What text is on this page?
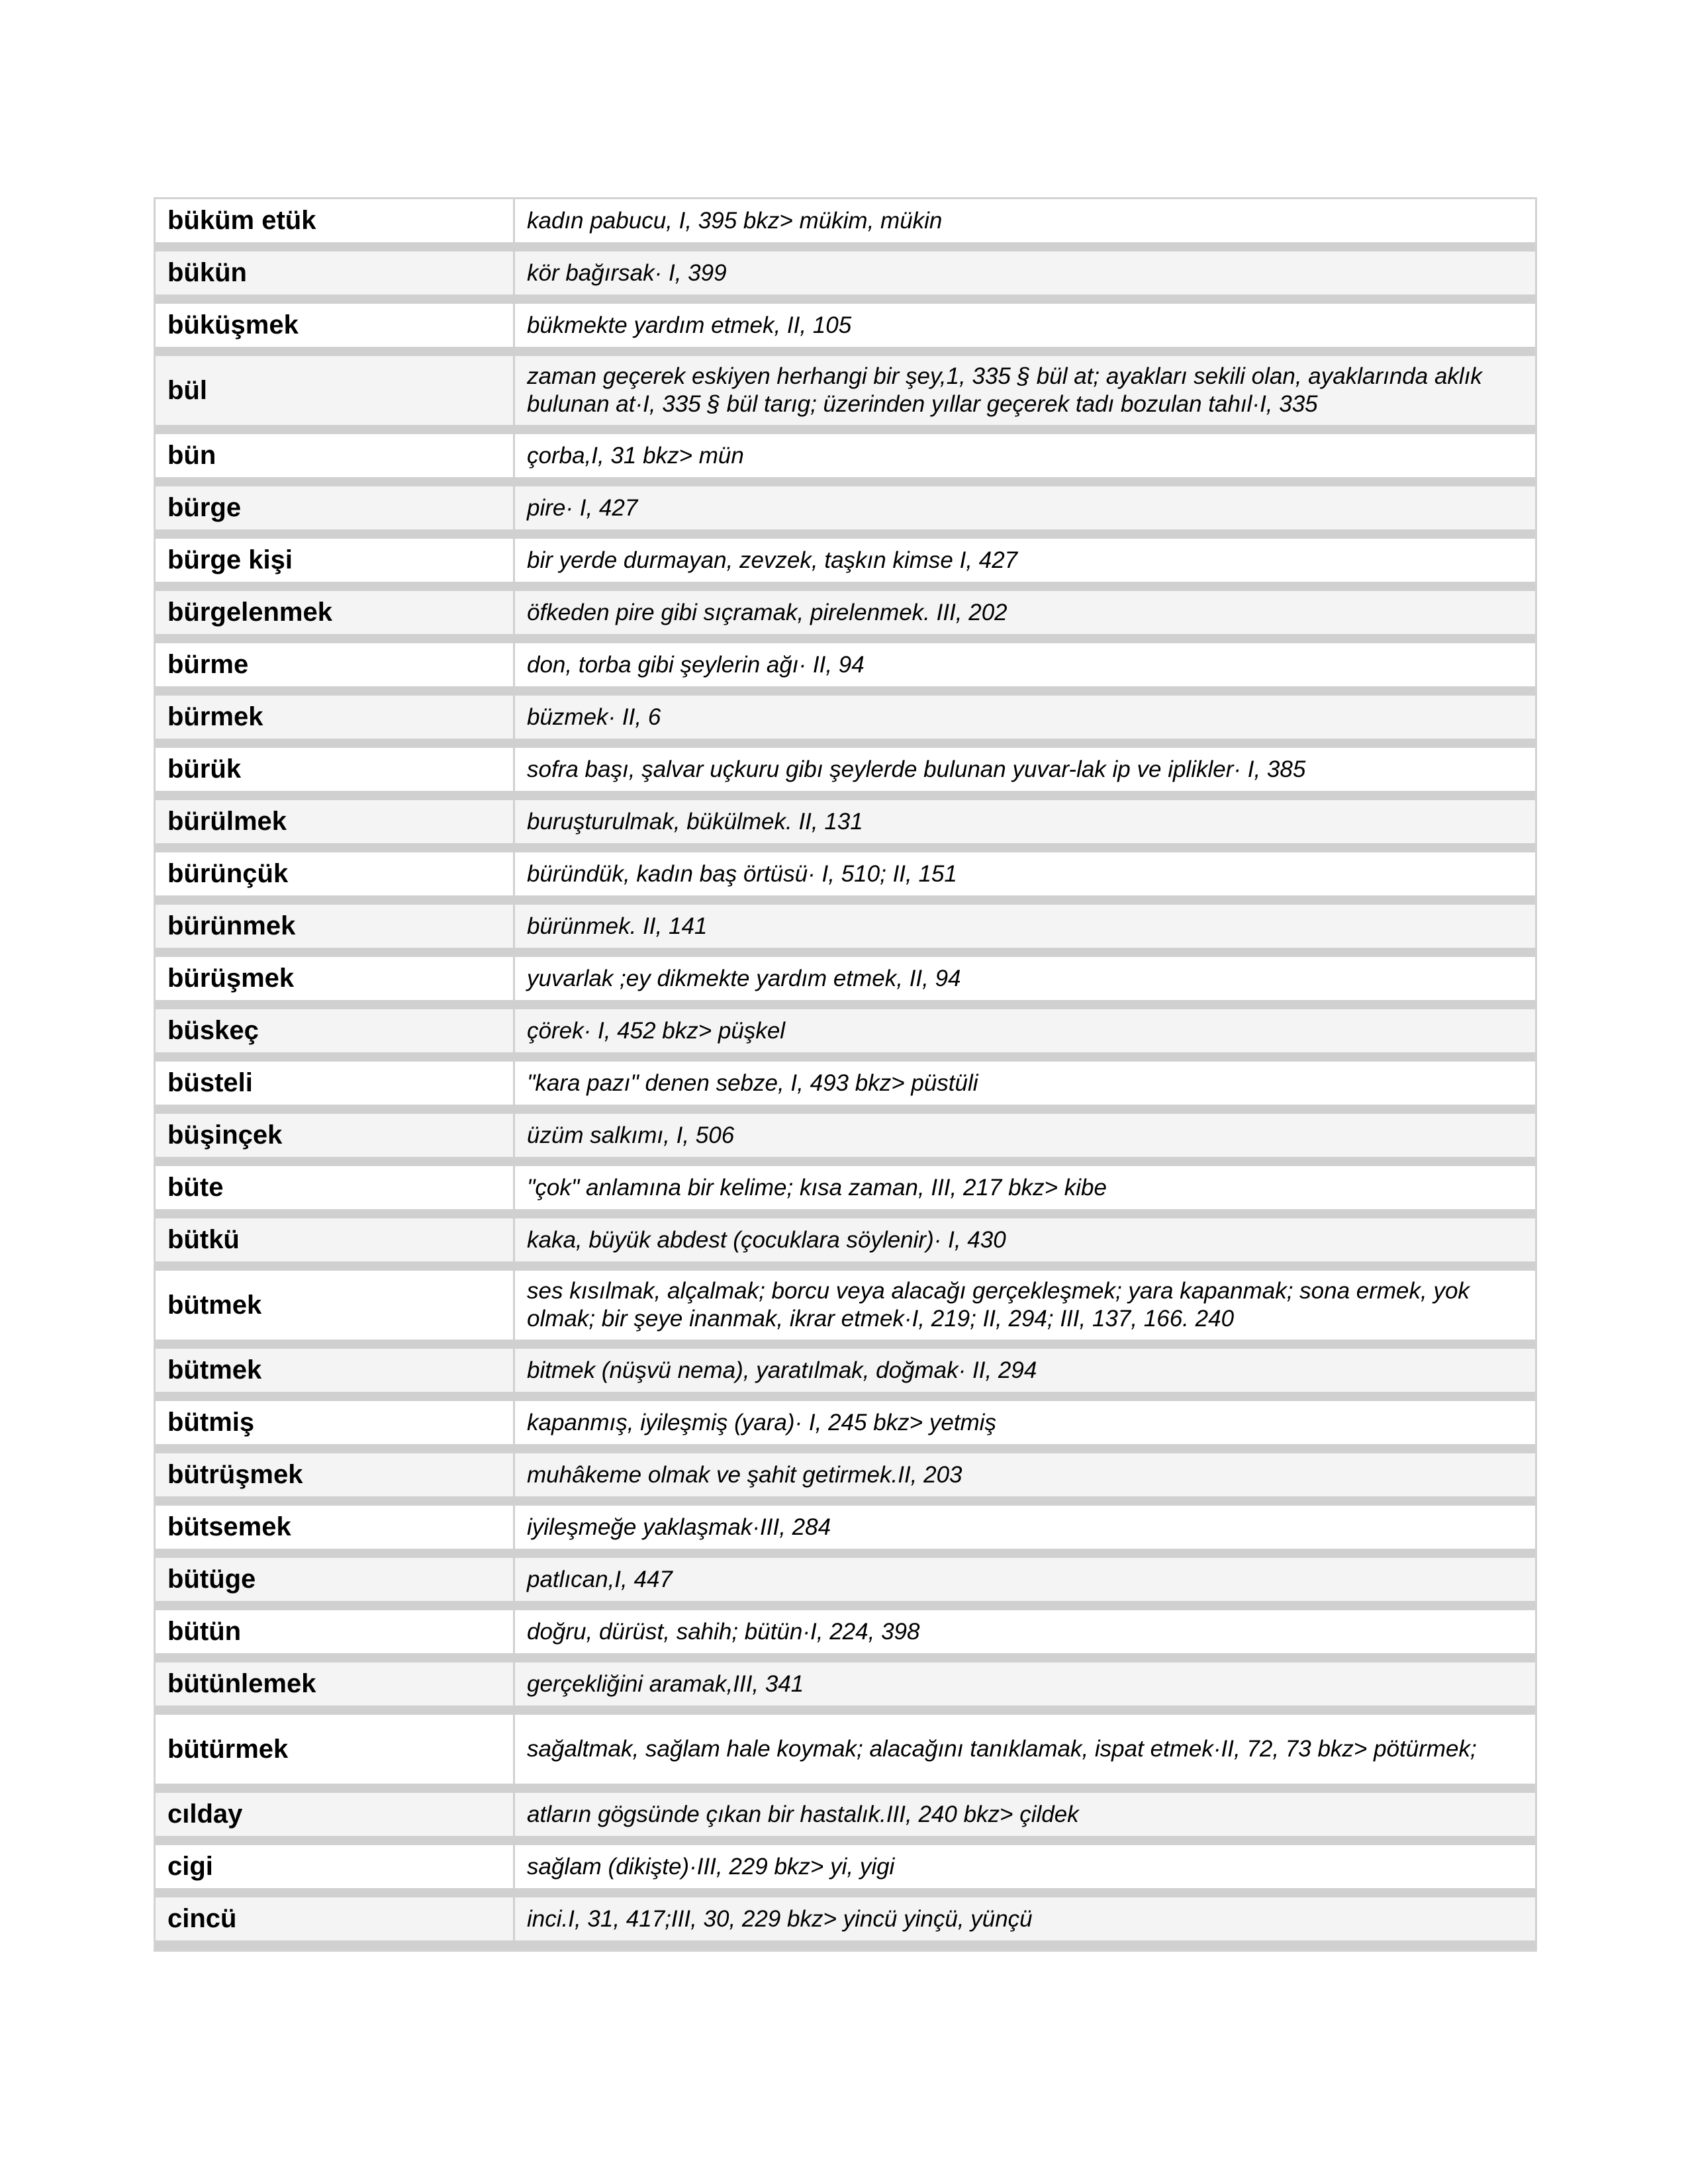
büküm etük	kadın pabucu, I, 395 bkz> mükim, mükin
bükün	kör bağırsak· I, 399
büküşmek	bükmekte yardım etmek, II, 105
bül	zaman geçerek eskiyen herhangi bir şey,1, 335 § bül at; ayakları sekili olan, ayaklarında aklık bulunan at·I, 335 § bül tarıg; üzerinden yıllar geçerek tadı bozulan tahıl·I, 335
bün	çorba,I, 31 bkz> mün
bürge	pire· I, 427
bürge kişi	bir yerde durmayan, zevzek, taşkın kimse I, 427
bürgelenmek	öfkeden pire gibi sıçramak, pirelenmek. III, 202
bürme	don, torba gibi şeylerin ağı· II, 94
bürmek	büzmek· II, 6
bürük	sofra başı, şalvar uçkuru gibı şeylerde bulunan yuvar-lak ip ve iplikler· I, 385
bürülmek	buruşturulmak, bükülmek. II, 131
bürünçük	büründük, kadın baş örtüsü· I, 510; II, 151
bürünmek	bürünmek. II, 141
bürüşmek	yuvarlak ;ey dikmekte yardım etmek, II, 94
büskeç	çörek· I, 452 bkz> püşkel
büsteli	"kara pazı" denen sebze, I, 493 bkz> püstüli
büşinçek	üzüm salkımı, I, 506
büte	"çok" anlamına bir kelime; kısa zaman, III, 217 bkz> kibe
bütkü	kaka, büyük abdest (çocuklara söylenir)· I, 430
bütmek	ses kısılmak, alçalmak; borcu veya alacağı gerçekleşmek; yara kapanmak; sona ermek, yok olmak; bir şeye inanmak, ikrar etmek·I, 219; II, 294; III, 137, 166. 240
bütmek	bitmek (nüşvü nema), yaratılmak, doğmak· II, 294
bütmiş	kapanmış, iyileşmiş (yara)· I, 245 bkz> yetmiş
bütrüşmek	muhâkeme olmak ve şahit getirmek.II, 203
bütsemek	iyileşmeğe yaklaşmak·III, 284
bütüge	patlıcan,I, 447
bütün	doğru, dürüst, sahih; bütün·I, 224, 398
bütünlemek	gerçekliğini aramak,III, 341
bütürmek	sağaltmak, sağlam hale koymak; alacağını tanıklamak, ispat etmek·II, 72, 73 bkz> pötürmek;
cılday	atların gögsünde çıkan bir hastalık.III, 240 bkz> çildek
cigi	sağlam (dikişte)·III, 229 bkz> yi, yigi
cincü	inci.I, 31, 417;III, 30, 229 bkz> yincü yinçü, yünçü
